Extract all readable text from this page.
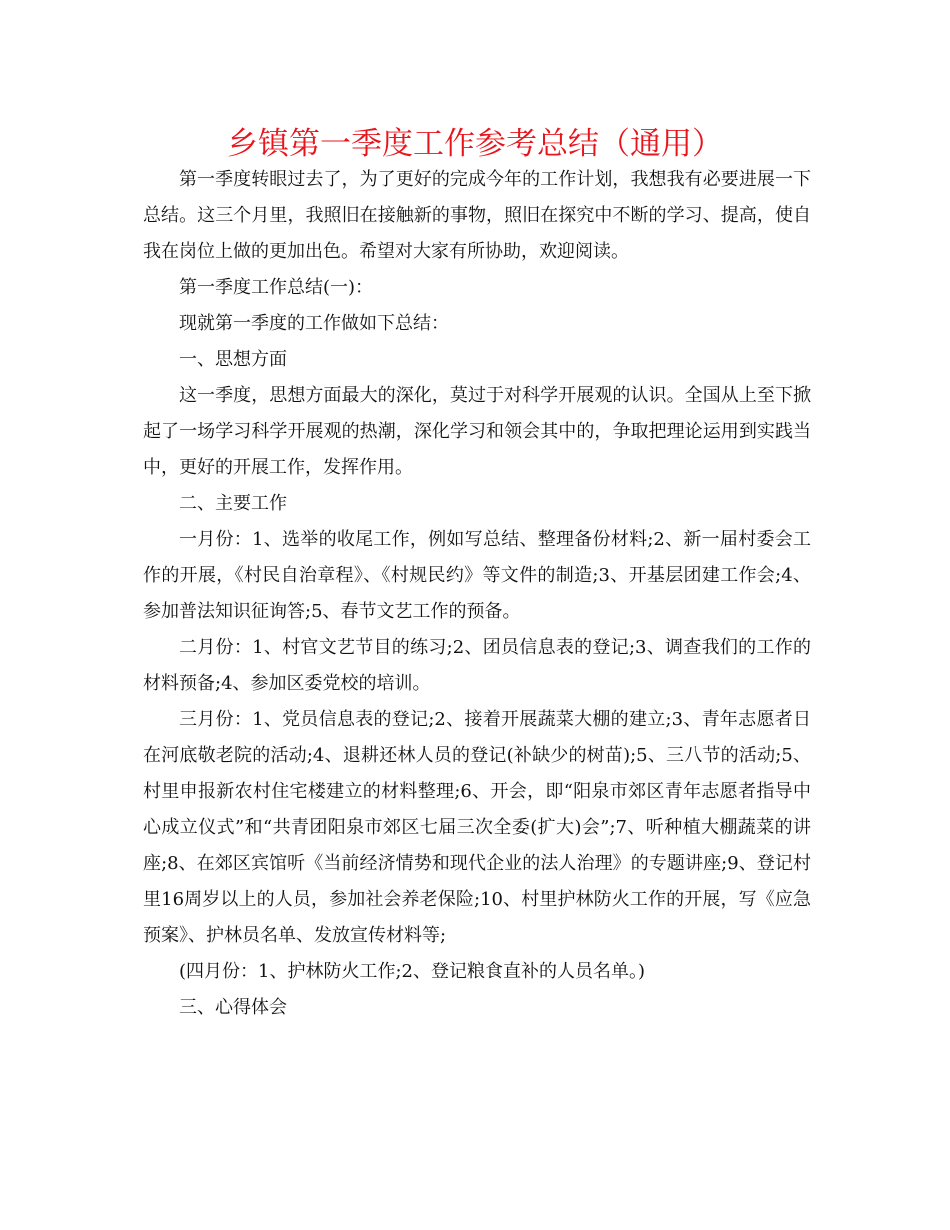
乡镇第一季度工作参考总结（通用）

第一季度转眼过去了，为了更好的完成今年的工作计划，我想我有必要进展一下总结。这三个月里，我照旧在接触新的事物，照旧在探究中不断的学习、提高，使自我在岗位上做的更加出色。希望对大家有所协助，欢迎阅读。

第一季度工作总结(一)：

现就第一季度的工作做如下总结：

一、思想方面

这一季度，思想方面最大的深化，莫过于对科学开展观的认识。全国从上至下掀起了一场学习科学开展观的热潮，深化学习和领会其中的，争取把理论运用到实践当中，更好的开展工作，发挥作用。

二、主要工作

一月份：1、选举的收尾工作，例如写总结、整理备份材料;2、新一届村委会工作的开展，《村民自治章程》、《村规民约》等文件的制造;3、开基层团建工作会;4、参加普法知识征询答;5、春节文艺工作的预备。

二月份：1、村官文艺节目的练习;2、团员信息表的登记;3、调查我们的工作的材料预备;4、参加区委党校的培训。

三月份：1、党员信息表的登记;2、接着开展蔬菜大棚的建立;3、青年志愿者日在河底敬老院的活动;4、退耕还林人员的登记(补缺少的树苗);5、三八节的活动;5、村里申报新农村住宅楼建立的材料整理;6、开会，即“阳泉市郊区青年志愿者指导中心成立仪式”和“共青团阳泉市郊区七届三次全委(扩大)会”;7、听种植大棚蔬菜的讲座;8、在郊区宾馆听《当前经济情势和现代企业的法人治理》的专题讲座;9、登记村里16周岁以上的人员，参加社会养老保险;10、村里护林防火工作的开展，写《应急预案》、护林员名单、发放宣传材料等;

(四月份：1、护林防火工作;2、登记粮食直补的人员名单。)

三、心得体会
